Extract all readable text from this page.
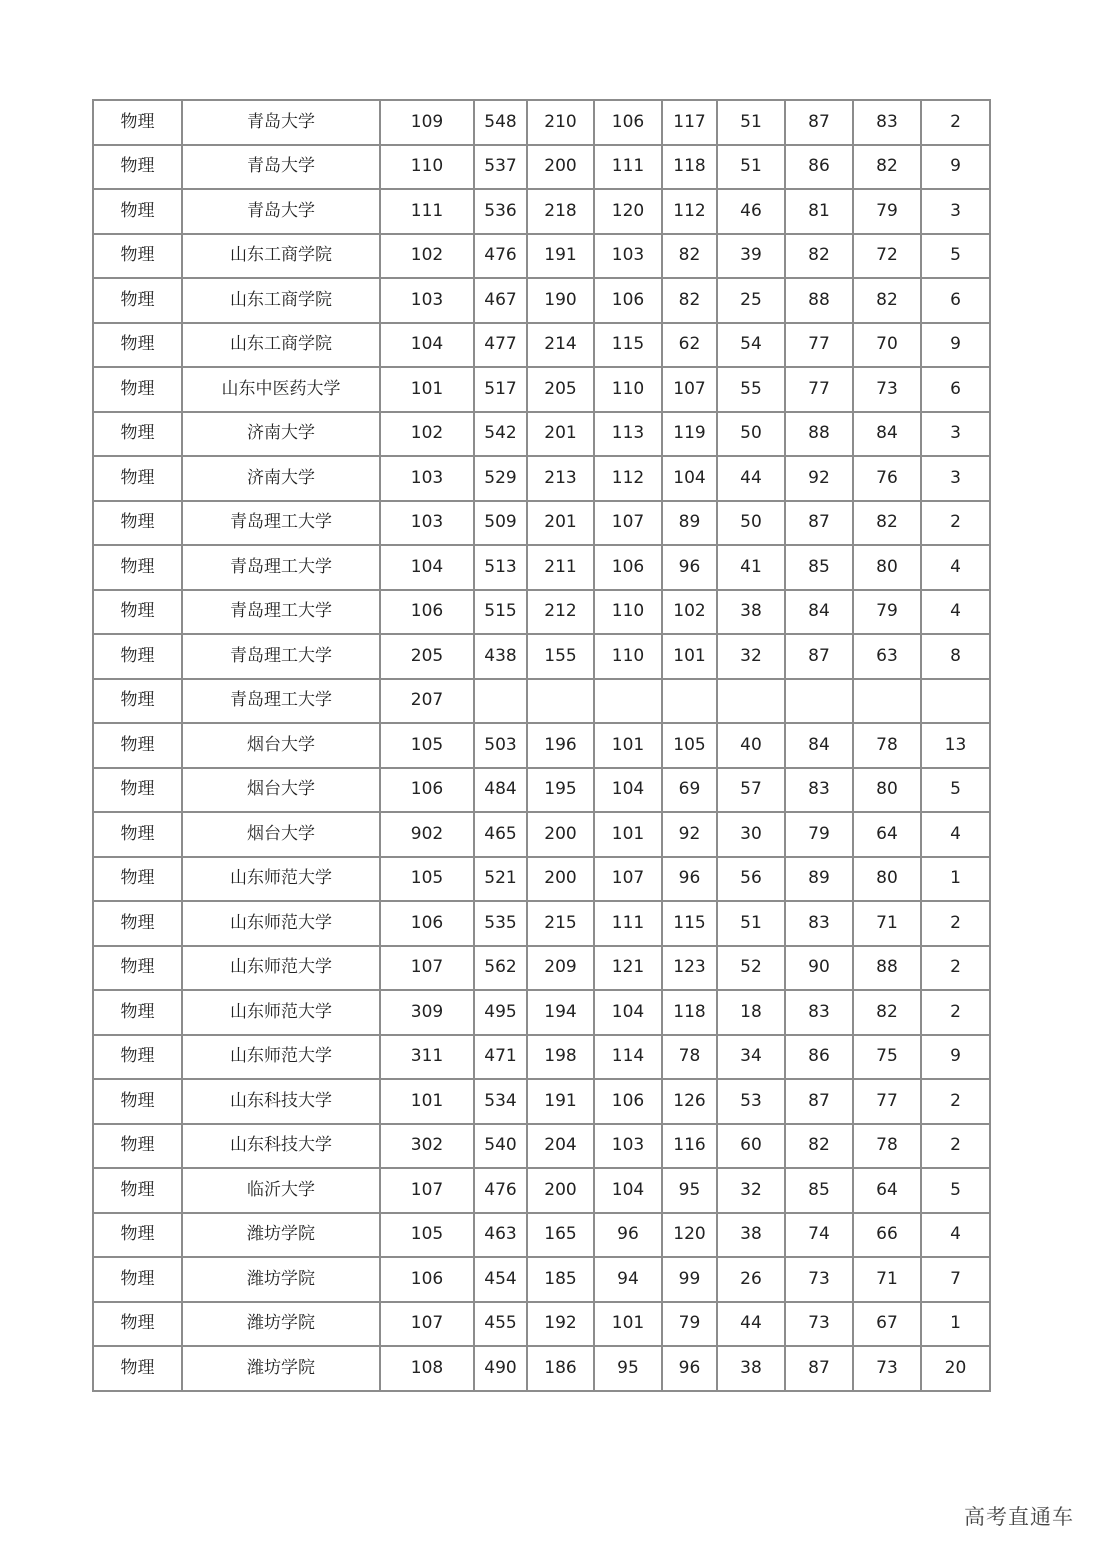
物理	青岛大学	109	548	210	106	117	51	87	83	2
物理	青岛大学	110	537	200	111	118	51	86	82	9
物理	青岛大学	111	536	218	120	112	46	81	79	3
物理	山东工商学院	102	476	191	103	82	39	82	72	5
物理	山东工商学院	103	467	190	106	82	25	88	82	6
物理	山东工商学院	104	477	214	115	62	54	77	70	9
物理	山东中医药大学	101	517	205	110	107	55	77	73	6
物理	济南大学	102	542	201	113	119	50	88	84	3
物理	济南大学	103	529	213	112	104	44	92	76	3
物理	青岛理工大学	103	509	201	107	89	50	87	82	2
物理	青岛理工大学	104	513	211	106	96	41	85	80	4
物理	青岛理工大学	106	515	212	110	102	38	84	79	4
物理	青岛理工大学	205	438	155	110	101	32	87	63	8
物理	青岛理工大学	207								
物理	烟台大学	105	503	196	101	105	40	84	78	13
物理	烟台大学	106	484	195	104	69	57	83	80	5
物理	烟台大学	902	465	200	101	92	30	79	64	4
物理	山东师范大学	105	521	200	107	96	56	89	80	1
物理	山东师范大学	106	535	215	111	115	51	83	71	2
物理	山东师范大学	107	562	209	121	123	52	90	88	2
物理	山东师范大学	309	495	194	104	118	18	83	82	2
物理	山东师范大学	311	471	198	114	78	34	86	75	9
物理	山东科技大学	101	534	191	106	126	53	87	77	2
物理	山东科技大学	302	540	204	103	116	60	82	78	2
物理	临沂大学	107	476	200	104	95	32	85	64	5
物理	潍坊学院	105	463	165	96	120	38	74	66	4
物理	潍坊学院	106	454	185	94	99	26	73	71	7
物理	潍坊学院	107	455	192	101	79	44	73	67	1
物理	潍坊学院	108	490	186	95	96	38	87	73	20
高考直通车
